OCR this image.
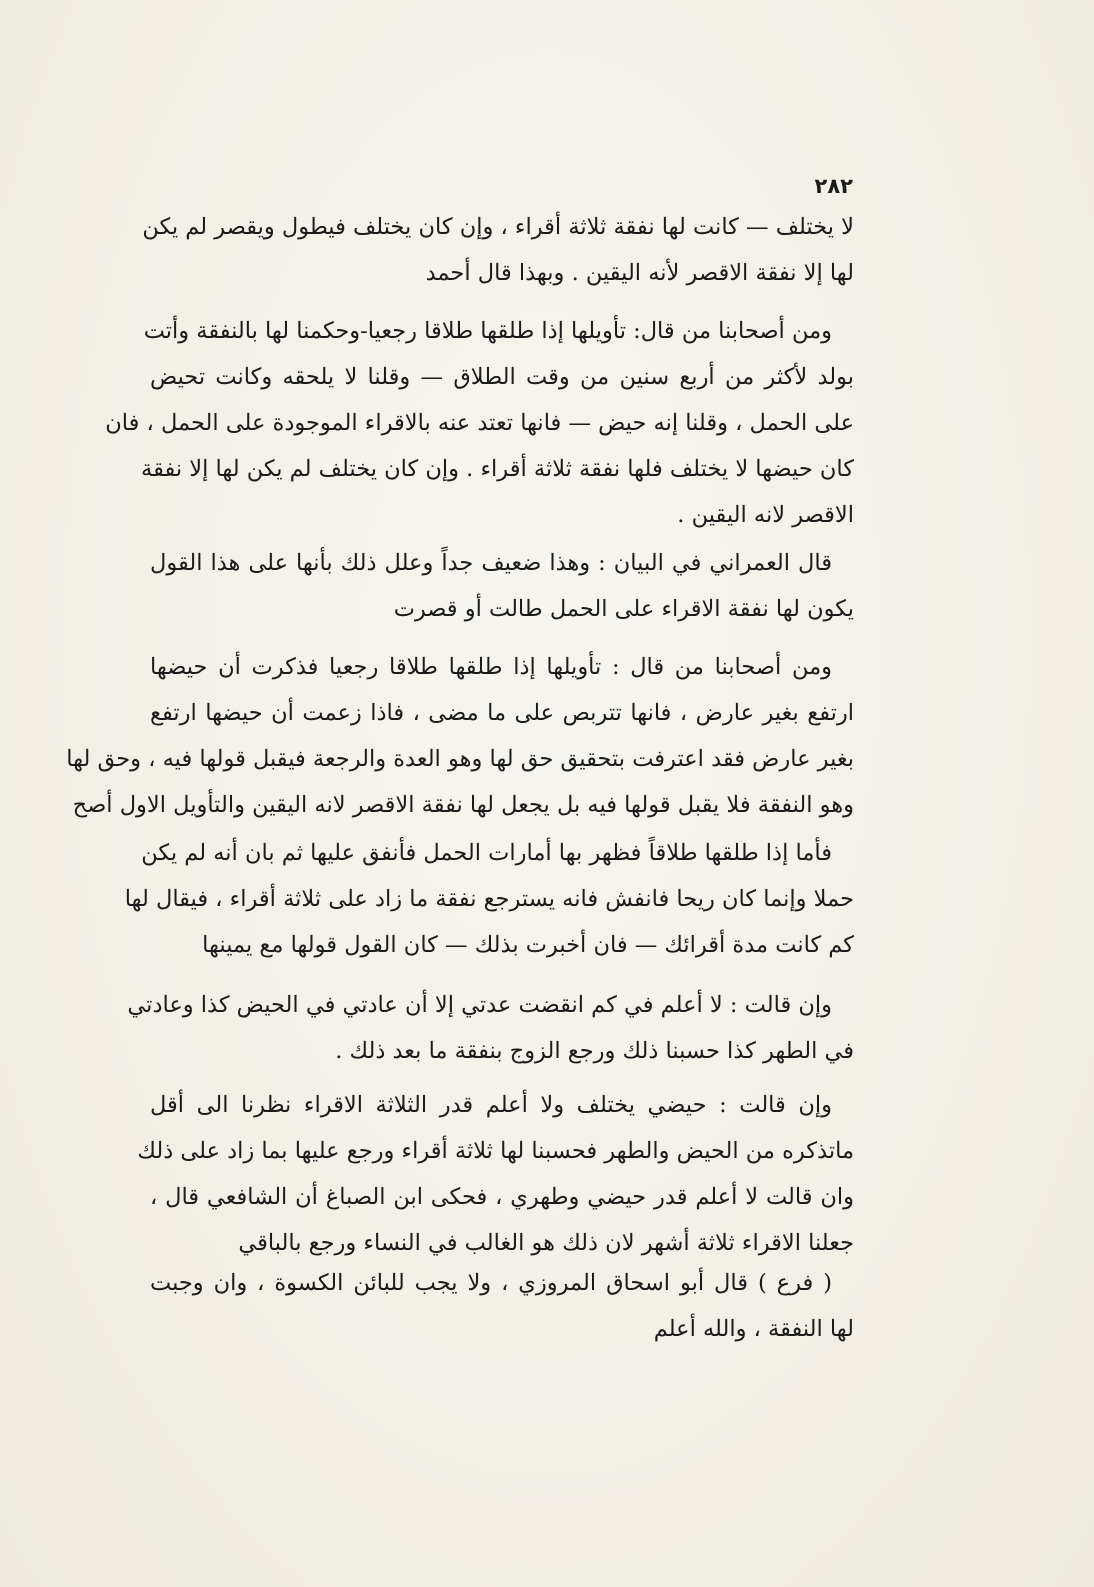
٢٨٢
لا يختلف — كانت لها نفقة ثلاثة أقراء ، وإن كان يختلف فيطول ويقصر لم يكن
لها إلا نفقة الاقصر لأنه اليقين . وبهذا قال أحمد
ومن أصحابنا من قال: تأويلها إذا طلقها طلاقا رجعيا-وحكمنا لها بالنفقة وأتت
بولد لأكثر من أربع سنين من وقت الطلاق — وقلنا لا يلحقه وكانت تحيض
على الحمل ، وقلنا إنه حيض — فانها تعتد عنه بالاقراء الموجودة على الحمل ، فان
كان حيضها لا يختلف فلها نفقة ثلاثة أقراء . وإن كان يختلف لم يكن لها إلا نفقة
الاقصر لانه اليقين .
قال العمراني في البيان : وهذا ضعيف جداً وعلل ذلك بأنها على هذا القول
يكون لها نفقة الاقراء على الحمل طالت أو قصرت
ومن أصحابنا من قال : تأويلها إذا طلقها طلاقا رجعيا فذكرت أن حيضها
ارتفع بغير عارض ، فانها تتربص على ما مضى ، فاذا زعمت أن حيضها ارتفع
بغير عارض فقد اعترفت بتحقيق حق لها وهو العدة والرجعة فيقبل قولها فيه ، وحق لها
وهو النفقة فلا يقبل قولها فيه بل يجعل لها نفقة الاقصر لانه اليقين والتأويل الاول أصح
فأما إذا طلقها طلاقاً فظهر بها أمارات الحمل فأنفق عليها ثم بان أنه لم يكن
حملا وإنما كان ريحا فانفش فانه يسترجع نفقة ما زاد على ثلاثة أقراء ، فيقال لها
كم كانت مدة أقرائك — فان أخبرت بذلك — كان القول قولها مع يمينها
وإن قالت : لا أعلم في كم انقضت عدتي إلا أن عادتي في الحيض كذا وعادتي
في الطهر كذا حسبنا ذلك ورجع الزوج بنفقة ما بعد ذلك .
وإن قالت : حيضي يختلف ولا أعلم قدر الثلاثة الاقراء نظرنا الى أقل
ماتذكره من الحيض والطهر فحسبنا لها ثلاثة أقراء ورجع عليها بما زاد على ذلك
وان قالت لا أعلم قدر حيضي وطهري ، فحكى ابن الصباغ أن الشافعي قال ،
جعلنا الاقراء ثلاثة أشهر لان ذلك هو الغالب في النساء ورجع بالباقي
( فرع ) قال أبو اسحاق المروزي ، ولا يجب للبائن الكسوة ، وان وجبت
لها النفقة ، والله أعلم
